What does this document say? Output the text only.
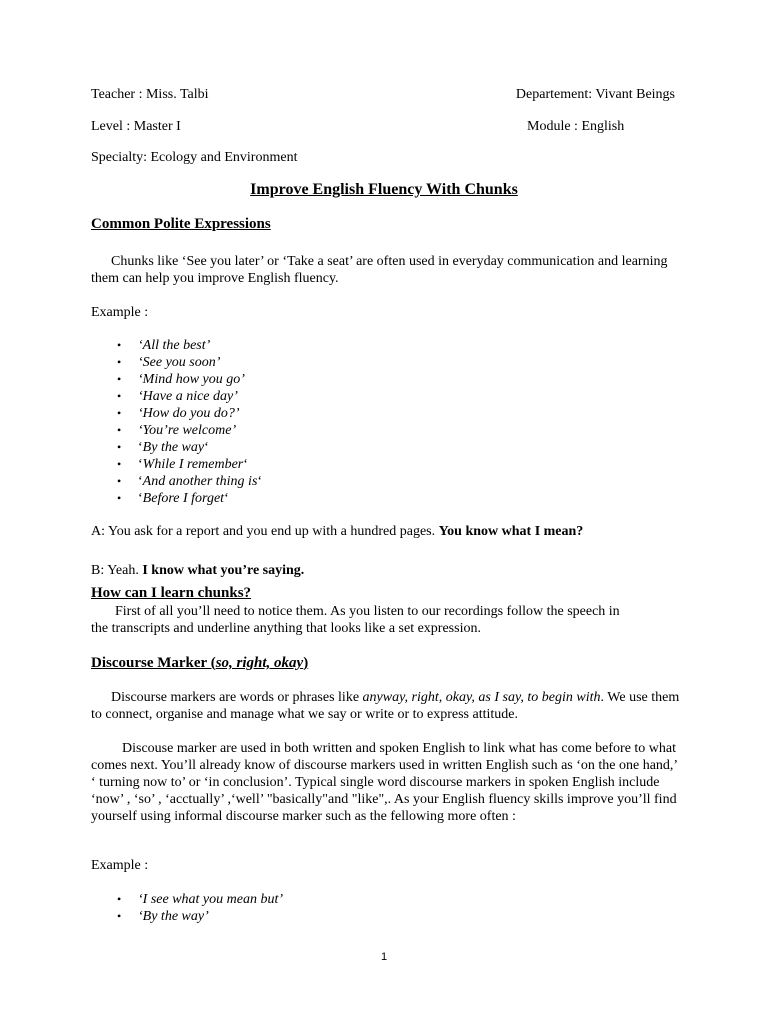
Teacher : Miss. Talbi	Departement: Vivant Beings
Level : Master I	Module : English
Specialty: Ecology and Environment
Improve English Fluency With Chunks
Common Polite Expressions
Chunks like ‘See you later’ or ‘Take a seat’ are often used in everyday communication and learning them can help you improve English fluency.
Example :
• ‘All the best’
• ‘See you soon’
• ‘Mind how you go’
• ‘Have a nice day’
• ‘How do you do?’
• ‘You’re welcome’
• ‘By the way‘
• ‘While I remember‘
• ‘And another thing is‘
• ‘Before I forget‘
A: You ask for a report and you end up with a hundred pages. You know what I mean?
B: Yeah. I know what you’re saying.
How can I learn chunks?
First of all you’ll need to notice them. As you listen to our recordings follow the speech in the transcripts and underline anything that looks like a set expression.
Discourse Marker (so, right, okay)
Discourse markers are words or phrases like anyway, right, okay, as I say, to begin with. We use them to connect, organise and manage what we say or write or to express attitude.
Discouse marker are used in both written and spoken English to link what has come before to what comes next. You’ll already know of discourse markers used in written English such as ‘on the one hand,’ ‘ turning now to’ or ‘in conclusion’. Typical single word discourse markers in spoken English include ‘now’ , ‘so’ , ‘acctually’ ,‘well’ "basically"and "like",. As your English fluency skills improve you’ll find yourself using informal discourse marker such as the fellowing more often :
Example :
• ‘I see what you mean but’
• ‘By the way’
1
